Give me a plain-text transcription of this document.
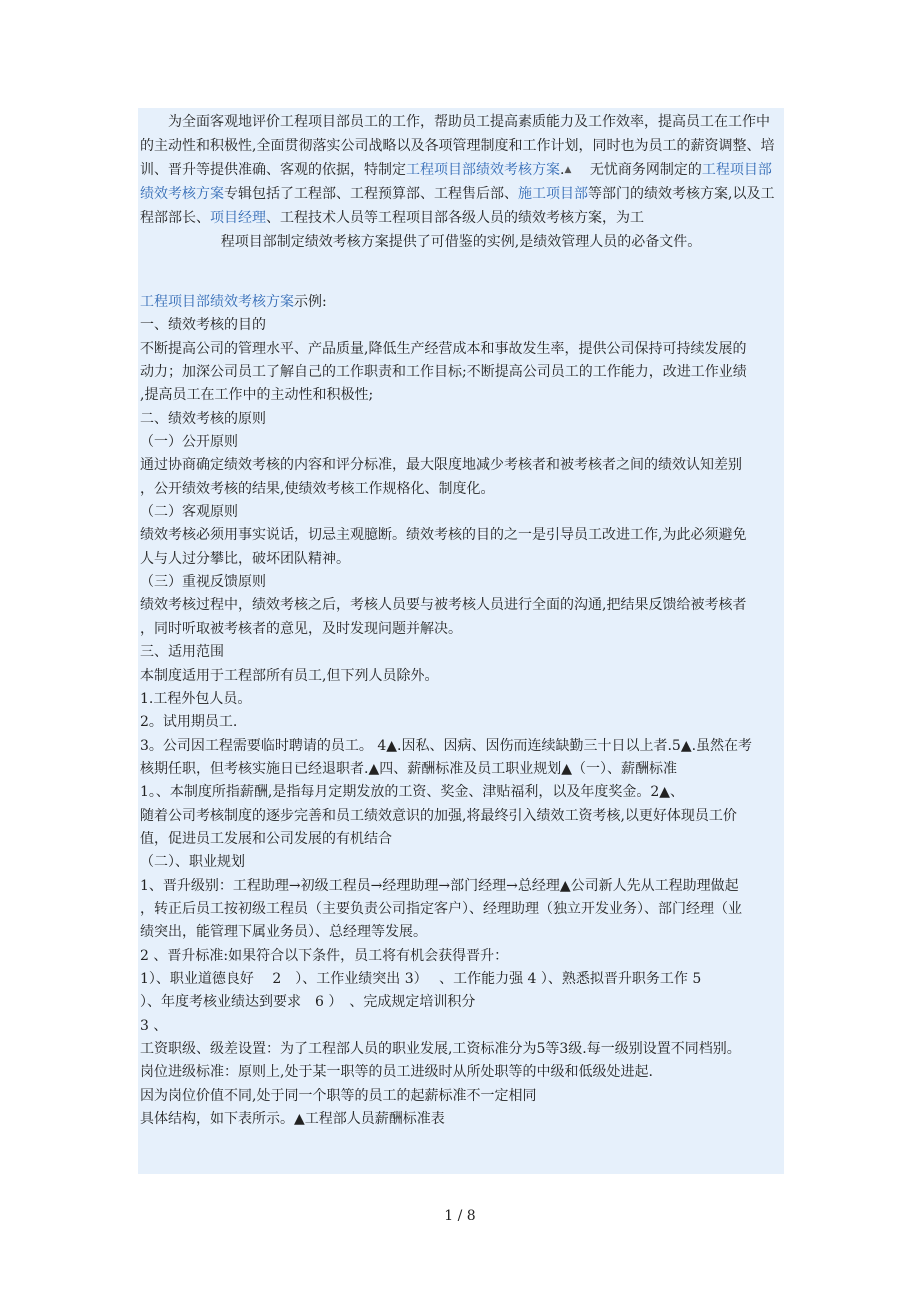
为全面客观地评价工程项目部员工的工作，帮助员工提高素质能力及工作效率，提高员工在工作中的主动性和积极性,全面贯彻落实公司战略以及各项管理制度和工作计划，同时也为员工的薪资调整、培训、晋升等提供准确、客观的依据，特制定工程项目部绩效考核方案.▲　 无忧商务网制定的工程项目部绩效考核方案专辑包括了工程部、工程预算部、工程售后部、施工项目部等部门的绩效考核方案,以及工程部部长、项目经理、工程技术人员等工程项目部各级人员的绩效考核方案，为工

程项目部制定绩效考核方案提供了可借鉴的实例,是绩效管理人员的必备文件。

工程项目部绩效考核方案示例:
一、绩效考核的目的
不断提高公司的管理水平、产品质量,降低生产经营成本和事故发生率，提供公司保持可持续发展的
动力；加深公司员工了解自己的工作职责和工作目标;不断提高公司员工的工作能力，改进工作业绩
,提高员工在工作中的主动性和积极性;
二、绩效考核的原则
（一）公开原则
通过协商确定绩效考核的内容和评分标准，最大限度地减少考核者和被考核者之间的绩效认知差别
，公开绩效考核的结果,使绩效考核工作规格化、制度化。
（二）客观原则
绩效考核必须用事实说话，切忌主观臆断。绩效考核的目的之一是引导员工改进工作,为此必须避免
人与人过分攀比，破坏团队精神。
（三）重视反馈原则
绩效考核过程中，绩效考核之后，考核人员要与被考核人员进行全面的沟通,把结果反馈给被考核者
，同时听取被考核者的意见，及时发现问题并解决。
三、适用范围
本制度适用于工程部所有员工,但下列人员除外。
1.工程外包人员。
2。试用期员工.
3。公司因工程需要临时聘请的员工。 4▲.因私、因病、因伤而连续缺勤三十日以上者.5▲.虽然在考
核期任职，但考核实施日已经退职者.▲四、薪酬标准及员工职业规划▲（一）、薪酬标准
1。、本制度所指薪酬,是指每月定期发放的工资、奖金、津贴福利，以及年度奖金。2▲、
随着公司考核制度的逐步完善和员工绩效意识的加强,将最终引入绩效工资考核,以更好体现员工价
值，促进员工发展和公司发展的有机结合
（二）、职业规划
1、晋升级别：工程助理→初级工程员→经理助理→部门经理→总经理▲公司新人先从工程助理做起
，转正后员工按初级工程员（主要负责公司指定客户）、经理助理（独立开发业务）、部门经理（业
绩突出，能管理下属业务员）、总经理等发展。
2 、晋升标准:如果符合以下条件，员工将有机会获得晋升：
1）、职业道德良好　 2　）、工作业绩突出 3）　 、工作能力强 4 ）、熟悉拟晋升职务工作 5
）、年度考核业绩达到要求　6 ）　、完成规定培训积分
3 、
工资职级、级差设置：为了工程部人员的职业发展,工资标准分为5等3级.每一级别设置不同档别。
岗位进级标准：原则上,处于某一职等的员工进级时从所处职等的中级和低级处进起.
因为岗位价值不同,处于同一个职等的员工的起薪标准不一定相同
具体结构，如下表所示。▲工程部人员薪酬标准表
1 / 8
